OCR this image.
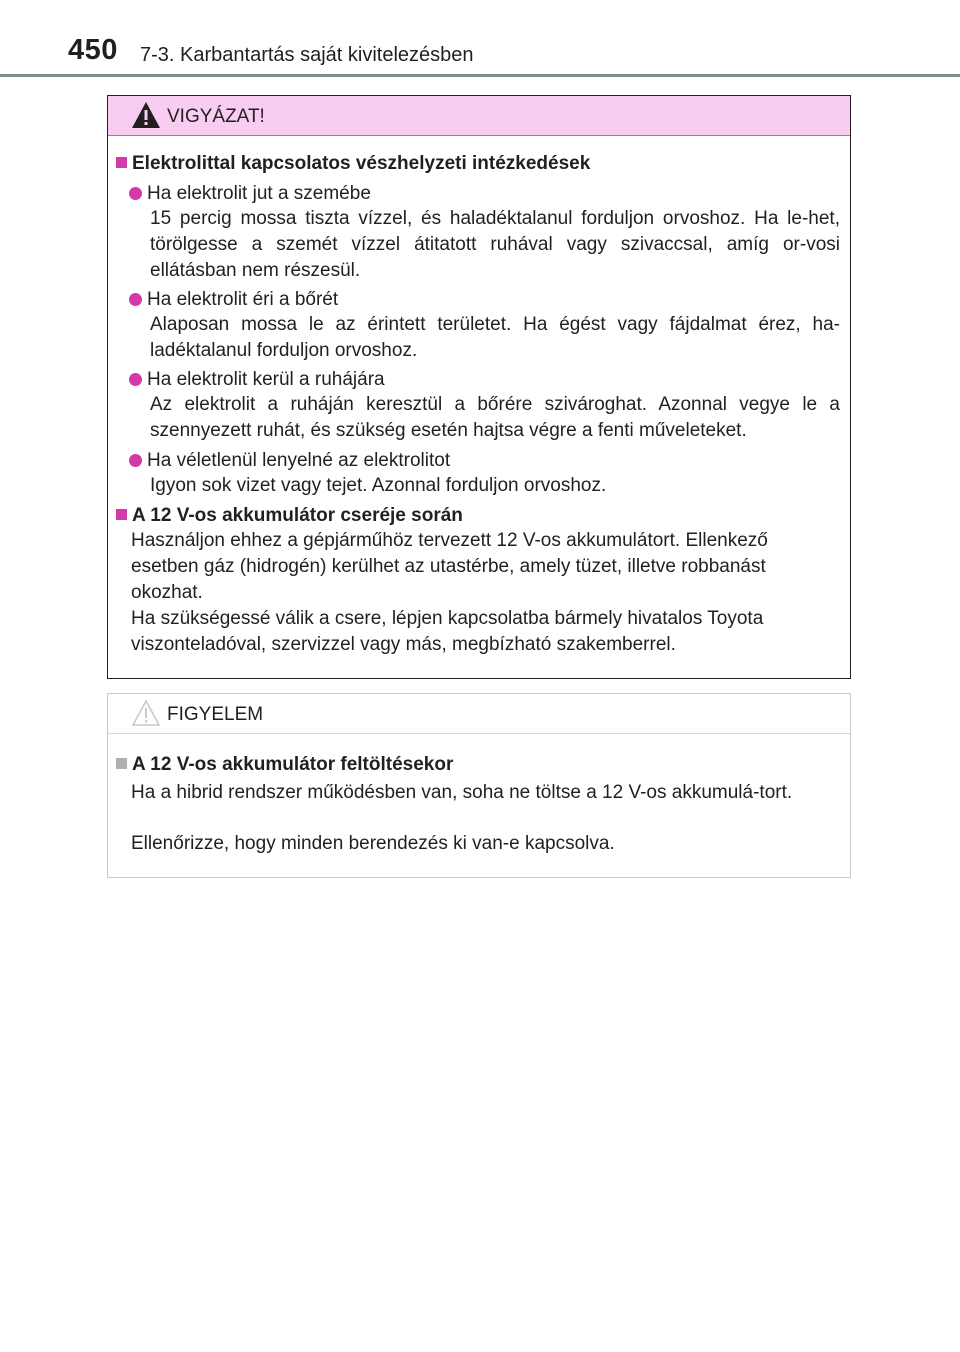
450 7-3. Karbantartás saját kivitelezésben
VIGYÁZAT!
Elektrolittal kapcsolatos vészhelyzeti intézkedések
Ha elektrolit jut a szemébe
15 percig mossa tiszta vízzel, és haladéktalanul forduljon orvoshoz. Ha le-het, törölgesse a szemét vízzel átitatott ruhával vagy szivaccsal, amíg or-vosi ellátásban nem részesül.
Ha elektrolit éri a bőrét
Alaposan mossa le az érintett területet. Ha égést vagy fájdalmat érez, ha-ladéktalanul forduljon orvoshoz.
Ha elektrolit kerül a ruhájára
Az elektrolit a ruháján keresztül a bőrére szivároghat. Azonnal vegye le a szennyezett ruhát, és szükség esetén hajtsa végre a fenti műveleteket.
Ha véletlenül lenyelné az elektrolitot
Igyon sok vizet vagy tejet. Azonnal forduljon orvoshoz.
A 12 V-os akkumulátor cseréje során
Használjon ehhez a gépjárműhöz tervezett 12 V-os akkumulátort. Ellenkező esetben gáz (hidrogén) kerülhet az utastérbe, amely tüzet, illetve robbanást okozhat.
Ha szükségessé válik a csere, lépjen kapcsolatba bármely hivatalos Toyota viszonteladóval, szervizzel vagy más, megbízható szakemberrel.
FIGYELEM
A 12 V-os akkumulátor feltöltésekor
Ha a hibrid rendszer működésben van, soha ne töltse a 12 V-os akkumulá-tort.
Ellenőrizze, hogy minden berendezés ki van-e kapcsolva.
